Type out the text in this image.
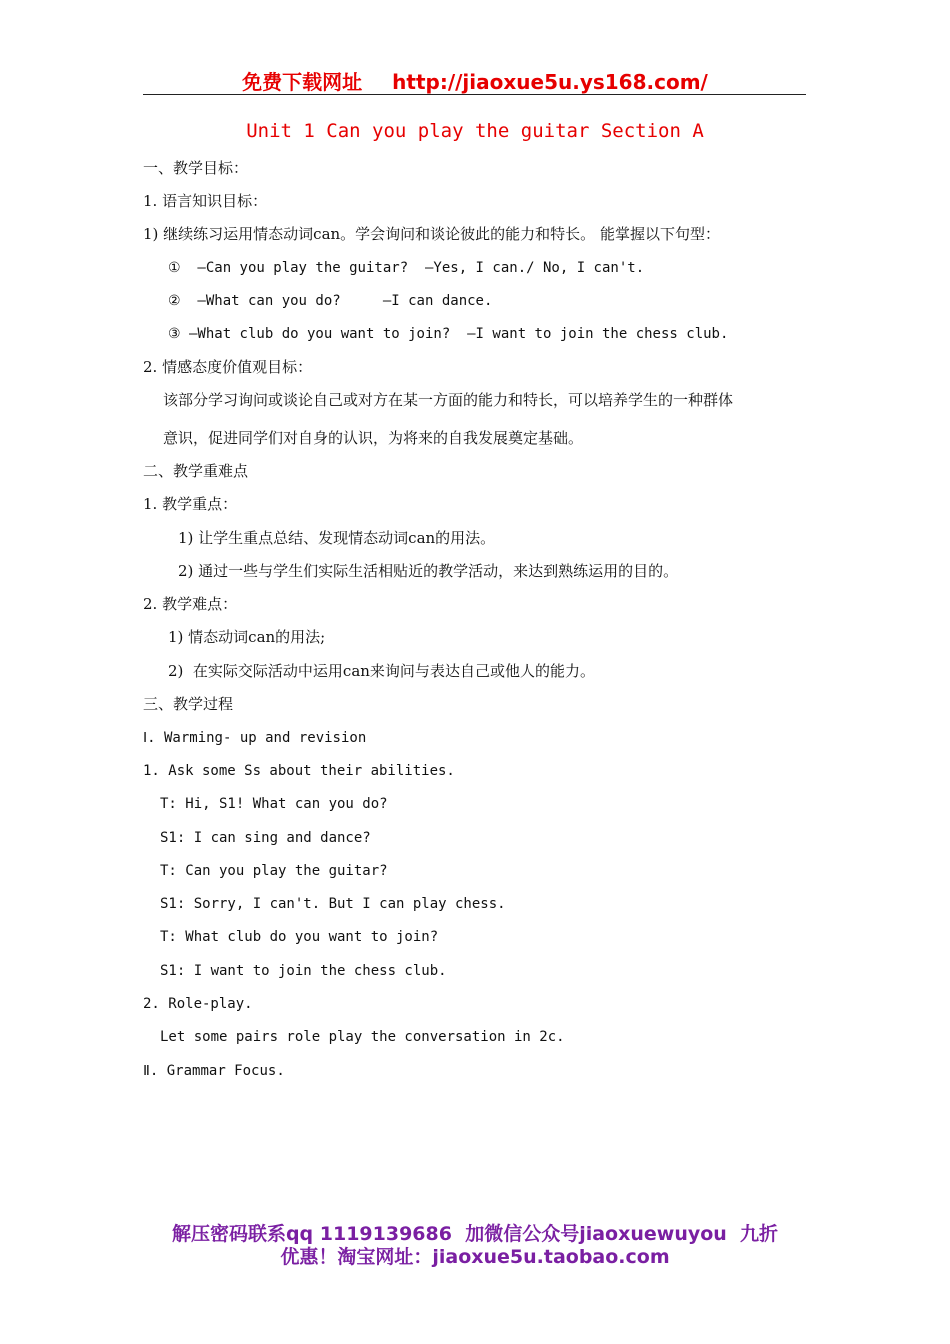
免费下载网址 http://jiaoxue5u.ys168.com/
Unit 1 Can you play the guitar Section A
一、教学目标：
1. 语言知识目标：
1) 继续练习运用情态动词can。学会询问和谈论彼此的能力和特长。 能掌握以下句型：
①  —Can you play the guitar?  —Yes, I can./ No, I can't.
②  —What can you do?     —I can dance.
③ —What club do you want to join?  —I want to join the chess club.
2. 情感态度价值观目标：
该部分学习询问或谈论自己或对方在某一方面的能力和特长，可以培养学生的一种群体
意识，促进同学们对自身的认识，为将来的自我发展奠定基础。
二、教学重难点
1. 教学重点：
1) 让学生重点总结、发现情态动词can的用法。
2) 通过一些与学生们实际生活相贴近的教学活动，来达到熟练运用的目的。
2. 教学难点：
1) 情态动词can的用法;
2)  在实际交际活动中运用can来询问与表达自己或他人的能力。
三、教学过程
Ⅰ. Warming- up and revision
1. Ask some Ss about their abilities.
T: Hi, S1! What can you do?
S1: I can sing and dance?
T: Can you play the guitar?
S1: Sorry, I can't. But I can play chess.
T: What club do you want to join?
S1: I want to join the chess club.
2. Role-play.
Let some pairs role play the conversation in 2c.
Ⅱ. Grammar Focus.
解压密码联系qq 1119139686  加微信公众号jiaoxuewuyou  九折
优惠！淘宝网址：jiaoxue5u.taobao.com
